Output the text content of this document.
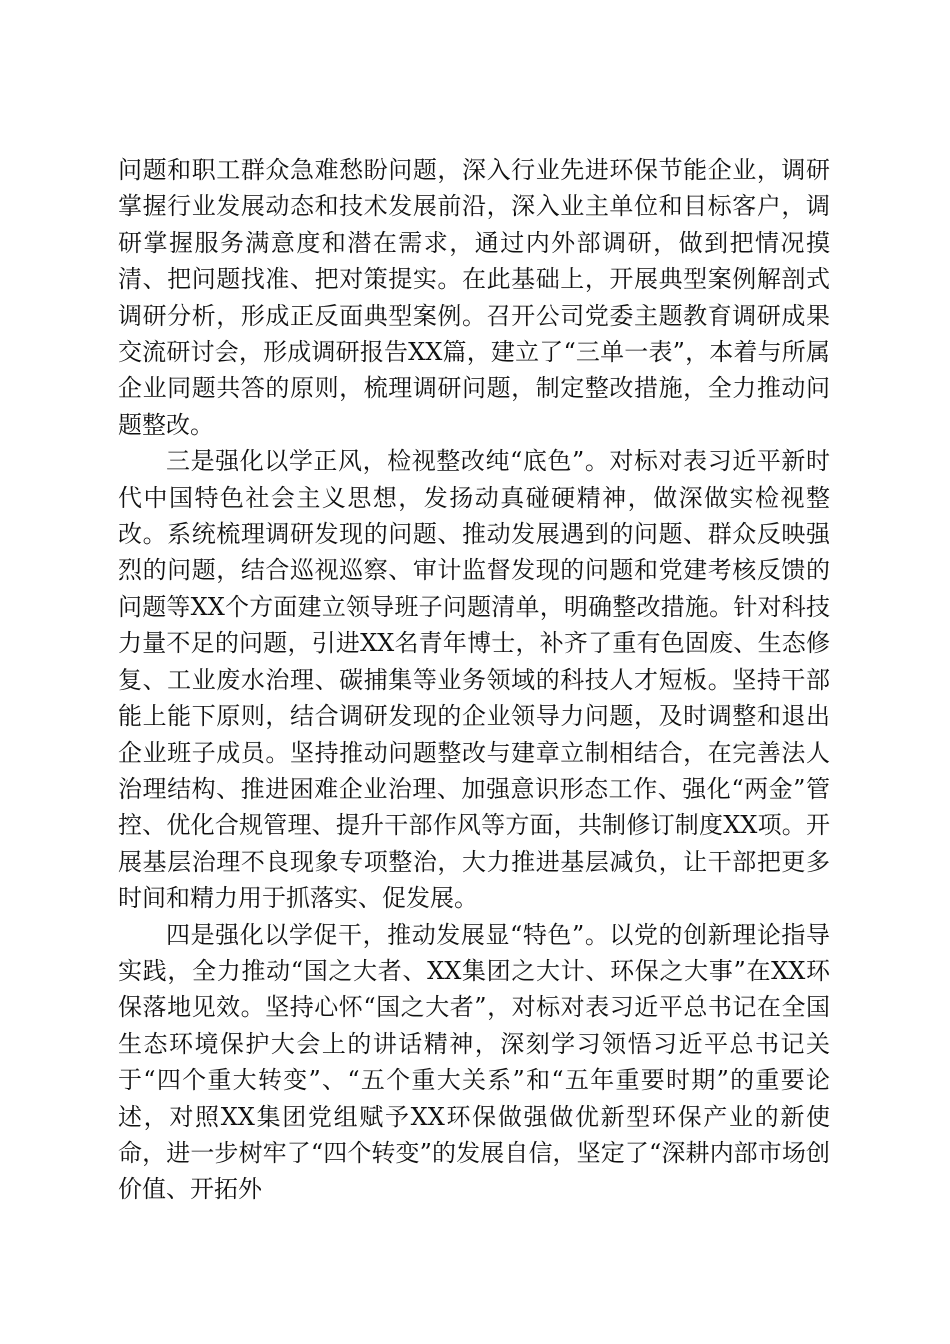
问题和职工群众急难愁盼问题，深入行业先进环保节能企业，调研掌握行业发展动态和技术发展前沿，深入业主单位和目标客户，调研掌握服务满意度和潜在需求，通过内外部调研，做到把情况摸清、把问题找准、把对策提实。在此基础上，开展典型案例解剖式调研分析，形成正反面典型案例。召开公司党委主题教育调研成果交流研讨会，形成调研报告XX篇，建立了“三单一表”，本着与所属企业同题共答的原则，梳理调研问题，制定整改措施，全力推动问题整改。

三是强化以学正风，检视整改纯“底色”。对标对表习近平新时代中国特色社会主义思想，发扬动真碰硬精神，做深做实检视整改。系统梳理调研发现的问题、推动发展遇到的问题、群众反映强烈的问题，结合巡视巡察、审计监督发现的问题和党建考核反馈的问题等XX个方面建立领导班子问题清单，明确整改措施。针对科技力量不足的问题，引进XX名青年博士，补齐了重有色固废、生态修复、工业废水治理、碳捕集等业务领域的科技人才短板。坚持干部能上能下原则，结合调研发现的企业领导力问题，及时调整和退出企业班子成员。坚持推动问题整改与建章立制相结合，在完善法人治理结构、推进困难企业治理、加强意识形态工作、强化“两金”管控、优化合规管理、提升干部作风等方面，共制修订制度XX项。开展基层治理不良现象专项整治，大力推进基层减负，让干部把更多时间和精力用于抓落实、促发展。

四是强化以学促干，推动发展显“特色”。以党的创新理论指导实践，全力推动“国之大者、XX集团之大计、环保之大事”在XX环保落地见效。坚持心怀“国之大者”，对标对表习近平总书记在全国生态环境保护大会上的讲话精神，深刻学习领悟习近平总书记关于“四个重大转变”、“五个重大关系”和“五年重要时期”的重要论述，对照XX集团党组赋予XX环保做强做优新型环保产业的新使命，进一步树牢了“四个转变”的发展自信，坚定了“深耕内部市场创价值、开拓外
